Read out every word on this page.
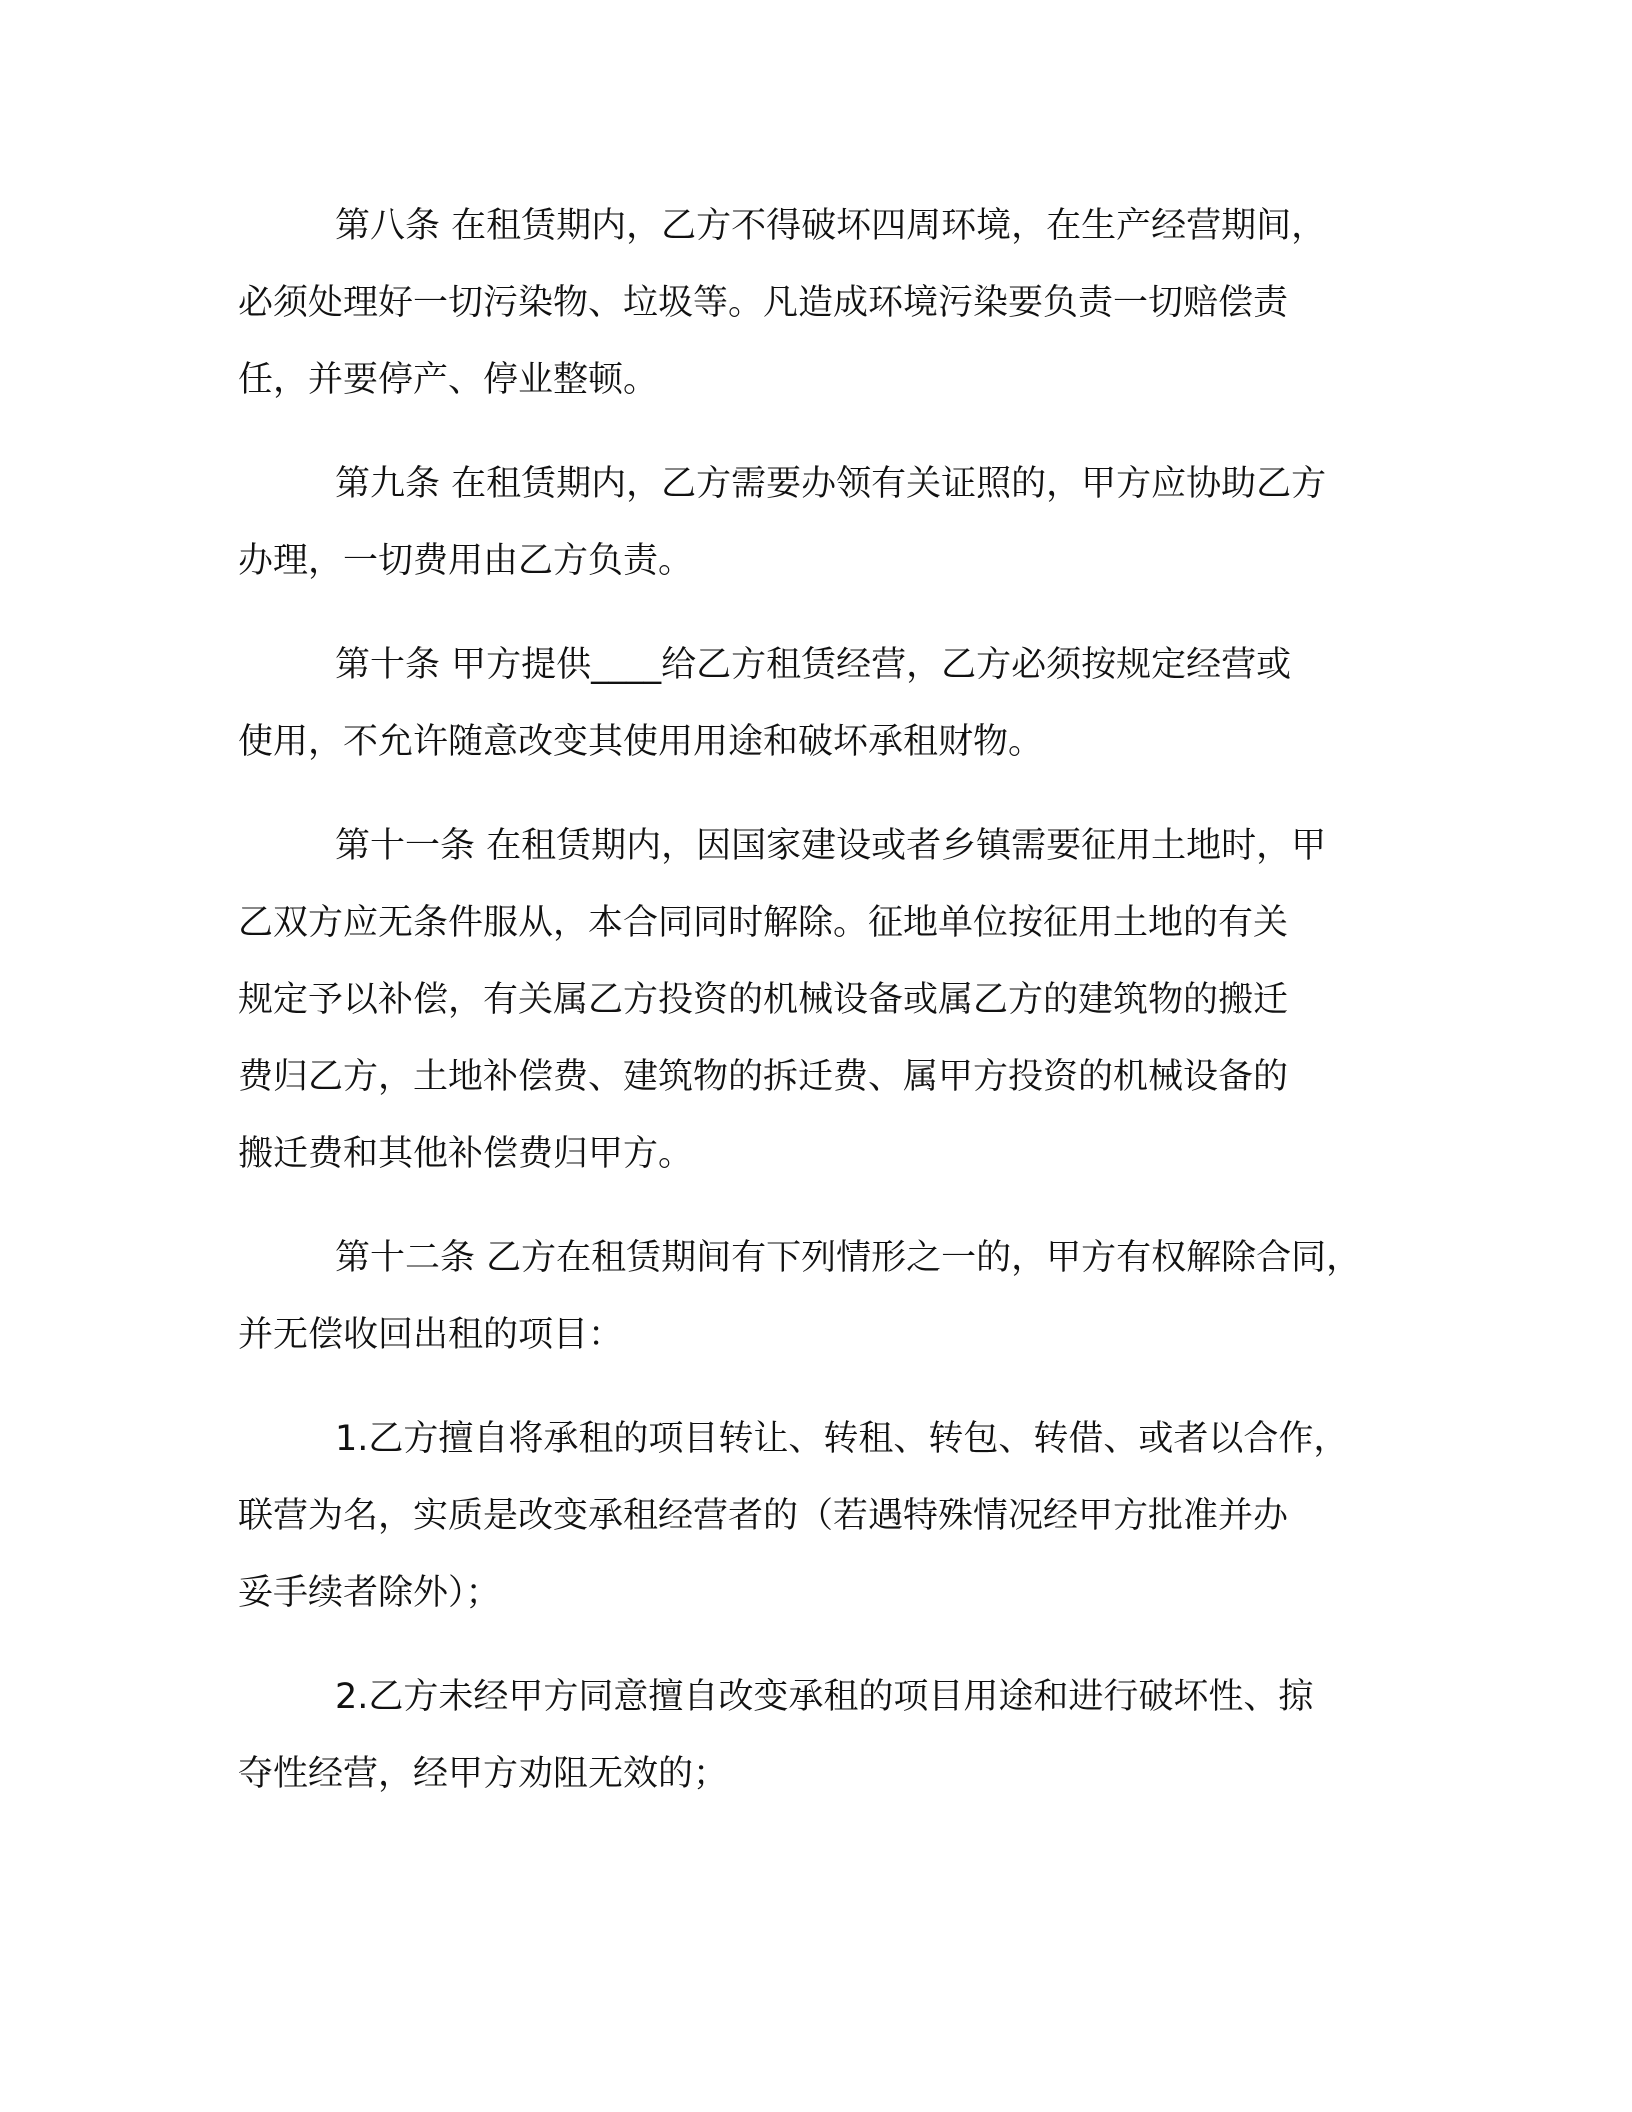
第八条 在租赁期内，乙方不得破坏四周环境，在生产经营期间，
必须处理好一切污染物、垃圾等。凡造成环境污染要负责一切赔偿责
任，并要停产、停业整顿。

第九条 在租赁期内，乙方需要办领有关证照的，甲方应协助乙方
办理，一切费用由乙方负责。

第十条 甲方提供____给乙方租赁经营，乙方必须按规定经营或
使用，不允许随意改变其使用用途和破坏承租财物。

第十一条 在租赁期内，因国家建设或者乡镇需要征用土地时，甲
乙双方应无条件服从，本合同同时解除。征地单位按征用土地的有关
规定予以补偿，有关属乙方投资的机械设备或属乙方的建筑物的搬迁
费归乙方，土地补偿费、建筑物的拆迁费、属甲方投资的机械设备的
搬迁费和其他补偿费归甲方。

第十二条 乙方在租赁期间有下列情形之一的，甲方有权解除合同，
并无偿收回出租的项目：

1.乙方擅自将承租的项目转让、转租、转包、转借、或者以合作，
联营为名，实质是改变承租经营者的（若遇特殊情况经甲方批准并办
妥手续者除外）；

2.乙方未经甲方同意擅自改变承租的项目用途和进行破坏性、掠
夺性经营，经甲方劝阻无效的；
